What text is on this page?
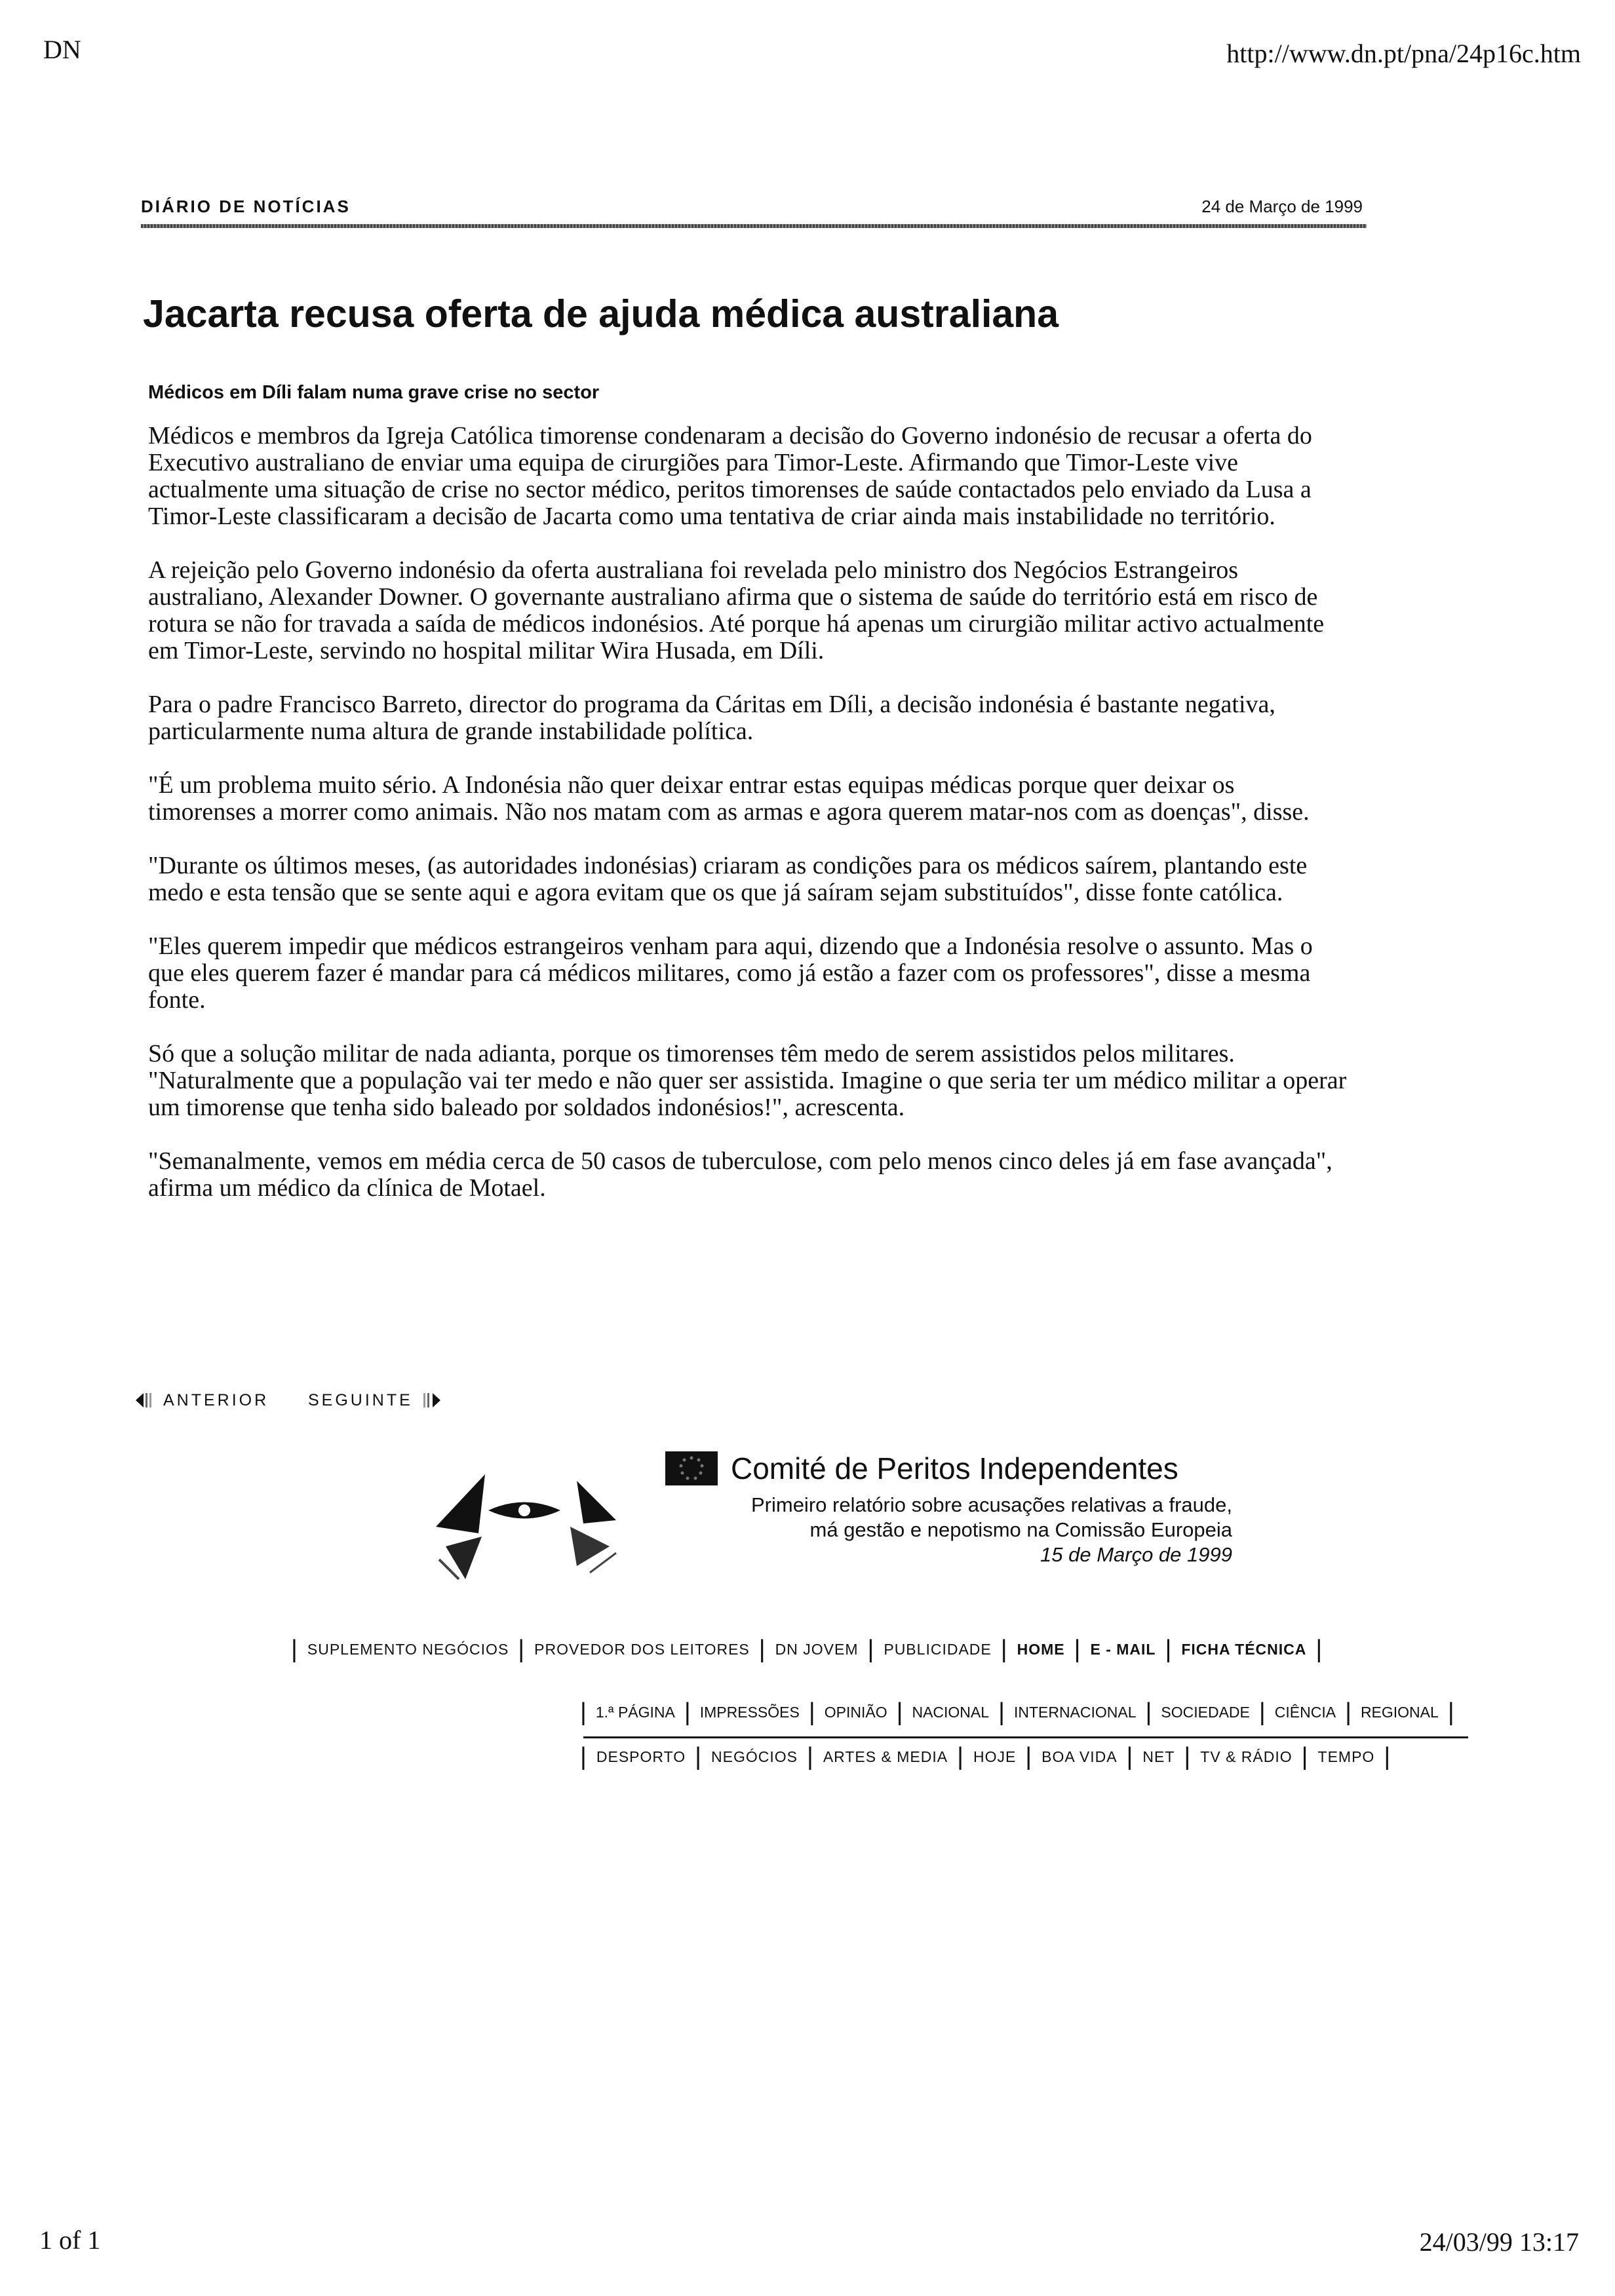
DN	http://www.dn.pt/pna/24p16c.htm
DIÁRIO DE NOTÍCIAS	24 de Março de 1999
Jacarta recusa oferta de ajuda médica australiana
Médicos em Díli falam numa grave crise no sector

Médicos e membros da Igreja Católica timorense condenaram a decisão do Governo indonésio de recusar a oferta do Executivo australiano de enviar uma equipa de cirurgiões para Timor-Leste. Afirmando que Timor-Leste vive actualmente uma situação de crise no sector médico, peritos timorenses de saúde contactados pelo enviado da Lusa a Timor-Leste classificaram a decisão de Jacarta como uma tentativa de criar ainda mais instabilidade no território.

A rejeição pelo Governo indonésio da oferta australiana foi revelada pelo ministro dos Negócios Estrangeiros australiano, Alexander Downer. O governante australiano afirma que o sistema de saúde do território está em risco de rotura se não for travada a saída de médicos indonésios. Até porque há apenas um cirurgião militar activo actualmente em Timor-Leste, servindo no hospital militar Wira Husada, em Díli.

Para o padre Francisco Barreto, director do programa da Cáritas em Díli, a decisão indonésia é bastante negativa, particularmente numa altura de grande instabilidade política.

"É um problema muito sério. A Indonésia não quer deixar entrar estas equipas médicas porque quer deixar os timorenses a morrer como animais. Não nos matam com as armas e agora querem matar-nos com as doenças", disse.

"Durante os últimos meses, (as autoridades indonésias) criaram as condições para os médicos saírem, plantando este medo e esta tensão que se sente aqui e agora evitam que os que já saíram sejam substituídos", disse fonte católica.

"Eles querem impedir que médicos estrangeiros venham para aqui, dizendo que a Indonésia resolve o assunto. Mas o que eles querem fazer é mandar para cá médicos militares, como já estão a fazer com os professores", disse a mesma fonte.

Só que a solução militar de nada adianta, porque os timorenses têm medo de serem assistidos pelos militares. "Naturalmente que a população vai ter medo e não quer ser assistida. Imagine o que seria ter um médico militar a operar um timorense que tenha sido baleado por soldados indonésios!", acrescenta.

"Semanalmente, vemos em média cerca de 50 casos de tuberculose, com pelo menos cinco deles já em fase avançada", afirma um médico da clínica de Motael.

ANTERIOR SEGUINTE
Comité de Peritos Independentes
Primeiro relatório sobre acusações relativas a fraude,
má gestão e nepotismo na Comissão Europeia
15 de Março de 1999
| SUPLEMENTO NEGÓCIOS | PROVEDOR DOS LEITORES | DN JOVEM | PUBLICIDADE | HOME | E - MAIL | FICHA TÉCNICA |
| 1.ª PÁGINA | IMPRESSÕES | OPINIÃO | NACIONAL | INTERNACIONAL | SOCIEDADE | CIÊNCIA | REGIONAL |
| DESPORTO | NEGÓCIOS | ARTES & MEDIA | HOJE | BOA VIDA | NET | TV & RÁDIO | TEMPO |
1 of 1	24/03/99 13:17
